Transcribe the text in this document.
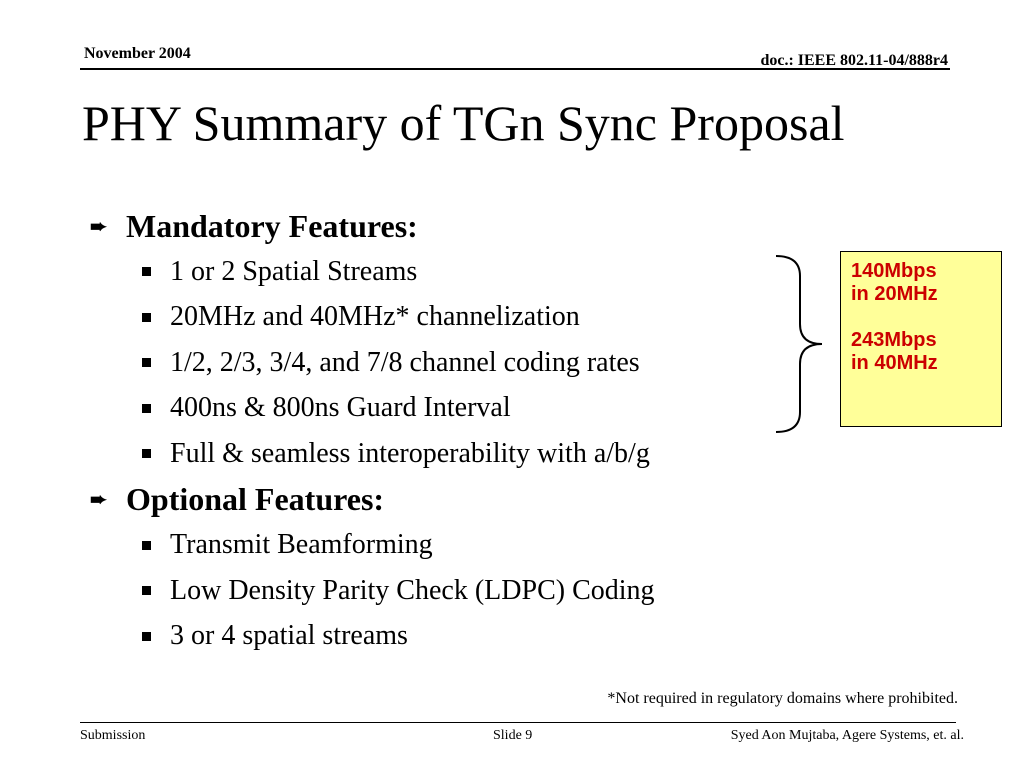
November 2004	doc.: IEEE 802.11-04/888r4
PHY Summary of TGn Sync Proposal
➨ Mandatory Features:
1 or 2 Spatial Streams
20MHz and 40MHz* channelization
1/2, 2/3, 3/4, and 7/8 channel coding rates
400ns & 800ns Guard Interval
Full & seamless interoperability with a/b/g
➨ Optional Features:
Transmit Beamforming
Low Density Parity Check (LDPC) Coding
3 or 4 spatial streams
140Mbps
in 20MHz
243Mbps
in 40MHz
*Not required in regulatory domains where prohibited.
Submission	Slide 9	Syed Aon Mujtaba, Agere Systems, et. al.
